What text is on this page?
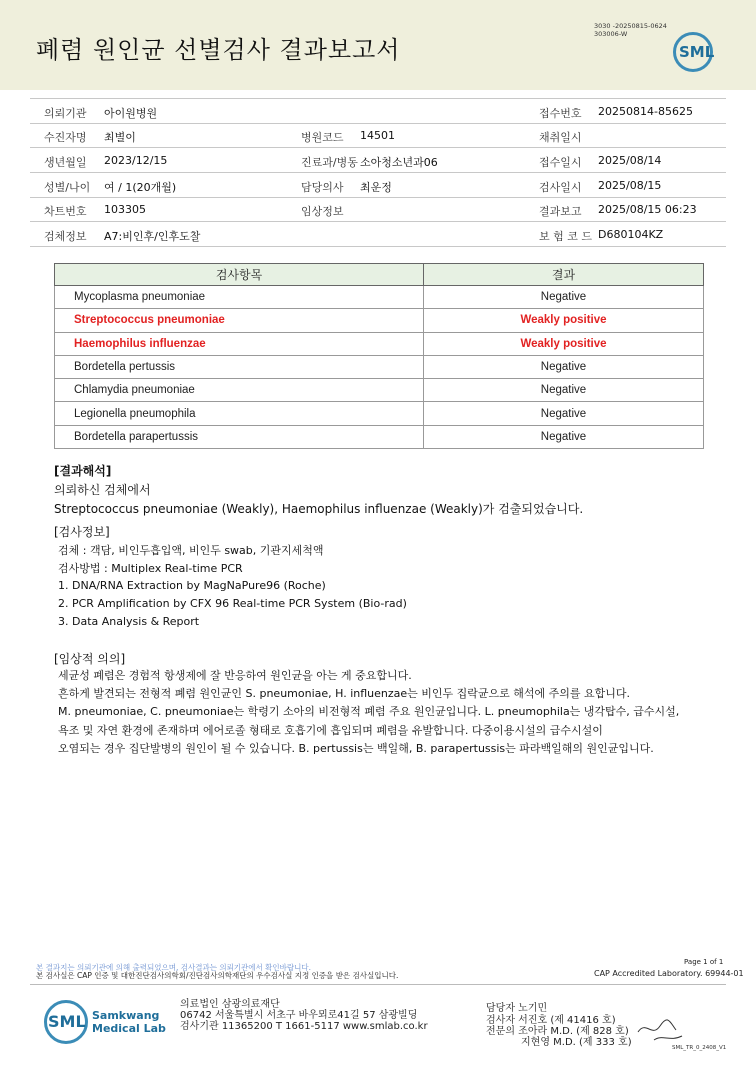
폐렴 원인균 선별검사 결과보고서
3030 -20250815-0624
303006-W
SML
의뢰기관 아이원병원	접수번호 20250814-85625
수진자명 최별이	병원코드 14501	채취일시
생년월일 2023/12/15	진료과/병동 소아청소년과06	접수일시 2025/08/14
성별/나이 여 / 1(20개월)	담당의사 최운정	검사일시 2025/08/15
차트번호 103305	임상정보	결과보고 2025/08/15 06:23
검체정보 A7:비인후/인후도찰	보 험 코 드 D680104KZ
검사항목	결과
Mycoplasma pneumoniae	Negative
Streptococcus pneumoniae	Weakly positive
Haemophilus influenzae	Weakly positive
Bordetella pertussis	Negative
Chlamydia pneumoniae	Negative
Legionella pneumophila	Negative
Bordetella parapertussis	Negative
[결과해석]
의뢰하신 검체에서
Streptococcus pneumoniae (Weakly), Haemophilus influenzae (Weakly)가 검출되었습니다.
[검사정보]
검체 : 객담, 비인두흡입액, 비인두 swab, 기관지세척액
검사방법 : Multiplex Real-time PCR
1. DNA/RNA Extraction by MagNaPure96 (Roche)
2. PCR Amplification by CFX 96 Real-time PCR System (Bio-rad)
3. Data Analysis & Report
[임상적 의의]
세균성 폐렴은 경험적 항생제에 잘 반응하여 원인균을 아는 게 중요합니다.
흔하게 발견되는 전형적 폐렴 원인균인 S. pneumoniae, H. influenzae는 비인두 집락균으로 해석에 주의를 요합니다.
M. pneumoniae, C. pneumoniae는 학령기 소아의 비전형적 폐렴 주요 원인균입니다. L. pneumophila는 냉각탑수, 급수시설,
욕조 및 자연 환경에 존재하며 에어로졸 형태로 호흡기에 흡입되며 폐렴을 유발합니다. 다중이용시설의 급수시설이
오염되는 경우 집단발병의 원인이 될 수 있습니다. B. pertussis는 백일해, B. parapertussis는 파라백일해의 원인균입니다.
본 결과지는 의뢰기관에 의해 출력되었으며, 검사결과는 의뢰기관에서 확인바랍니다.
본 검사실은 CAP 인증 및 대한진단검사의학회/진단검사의학재단의 우수검사실 지정 인증을 받은 검사실입니다.
Page 1 of 1
CAP Accredited Laboratory. 69944-01
SML Samkwang
Medical Lab
의료법인 삼광의료재단
06742 서울특별시 서초구 바우뫼로41길 57 삼광빌딩
검사기관 11365200 T 1661-5117 www.smlab.co.kr
담당자 노기민
검사자 서진호 (제 41416 호)
전문의 조아라 M.D. (제 828 호)
지현영 M.D. (제 333 호)	SML_TR_0_2408_V1
